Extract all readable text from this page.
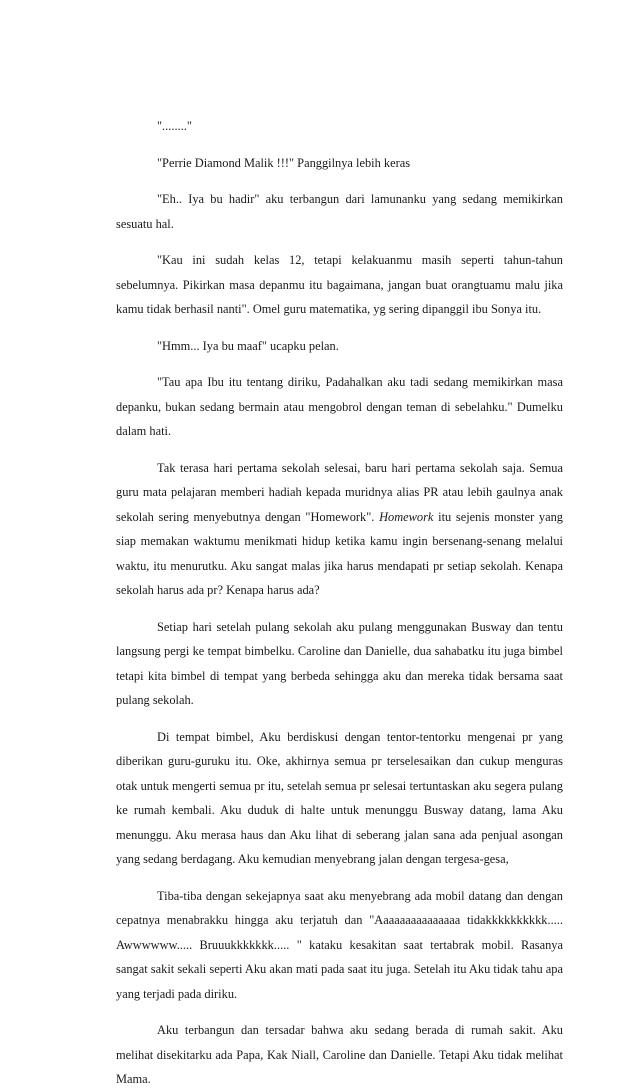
"........"

"Perrie Diamond Malik !!!" Panggilnya lebih keras

"Eh.. Iya bu hadir" aku terbangun dari lamunanku yang sedang memikirkan sesuatu hal.

"Kau ini sudah kelas 12, tetapi kelakuanmu masih seperti tahun-tahun sebelumnya. Pikirkan masa depanmu itu bagaimana, jangan buat orangtuamu malu jika kamu tidak berhasil nanti". Omel guru matematika, yg sering dipanggil ibu Sonya itu.

"Hmm... Iya bu maaf" ucapku pelan.

"Tau apa Ibu itu tentang diriku, Padahalkan aku tadi sedang memikirkan masa depanku, bukan sedang bermain atau mengobrol dengan teman di sebelahku." Dumelku dalam hati.

Tak terasa hari pertama sekolah selesai, baru hari pertama sekolah saja. Semua guru mata pelajaran memberi hadiah kepada muridnya alias PR atau lebih gaulnya anak sekolah sering menyebutnya dengan "Homework". Homework itu sejenis monster yang siap memakan waktumu menikmati hidup ketika kamu ingin bersenang-senang melalui waktu, itu menurutku. Aku sangat malas jika harus mendapati pr setiap sekolah. Kenapa sekolah harus ada pr? Kenapa harus ada?

Setiap hari setelah pulang sekolah aku pulang menggunakan Busway dan tentu langsung pergi ke tempat bimbelku. Caroline dan Danielle, dua sahabatku itu juga bimbel tetapi kita bimbel di tempat yang berbeda sehingga aku dan mereka tidak bersama saat pulang sekolah.

Di tempat bimbel, Aku berdiskusi dengan tentor-tentorku mengenai pr yang diberikan guru-guruku itu. Oke, akhirnya semua pr terselesaikan dan cukup menguras otak untuk mengerti semua pr itu, setelah semua pr selesai tertuntaskan aku segera pulang ke rumah kembali. Aku duduk di halte untuk menunggu Busway datang, lama Aku menunggu. Aku merasa haus dan Aku lihat di seberang jalan sana ada penjual asongan yang sedang berdagang. Aku kemudian menyebrang jalan dengan tergesa-gesa,

Tiba-tiba dengan sekejapnya saat aku menyebrang ada mobil datang dan dengan cepatnya menabrakku hingga aku terjatuh dan "Aaaaaaaaaaaaaaa tidakkkkkkkkkk..... Awwwwww..... Bruuukkkkkkk..... " kataku kesakitan saat tertabrak mobil. Rasanya sangat sakit sekali seperti Aku akan mati pada saat itu juga. Setelah itu Aku tidak tahu apa yang terjadi pada diriku.

Aku terbangun dan tersadar bahwa aku sedang berada di rumah sakit. Aku melihat disekitarku ada Papa, Kak Niall, Caroline dan Danielle. Tetapi Aku tidak melihat Mama.
